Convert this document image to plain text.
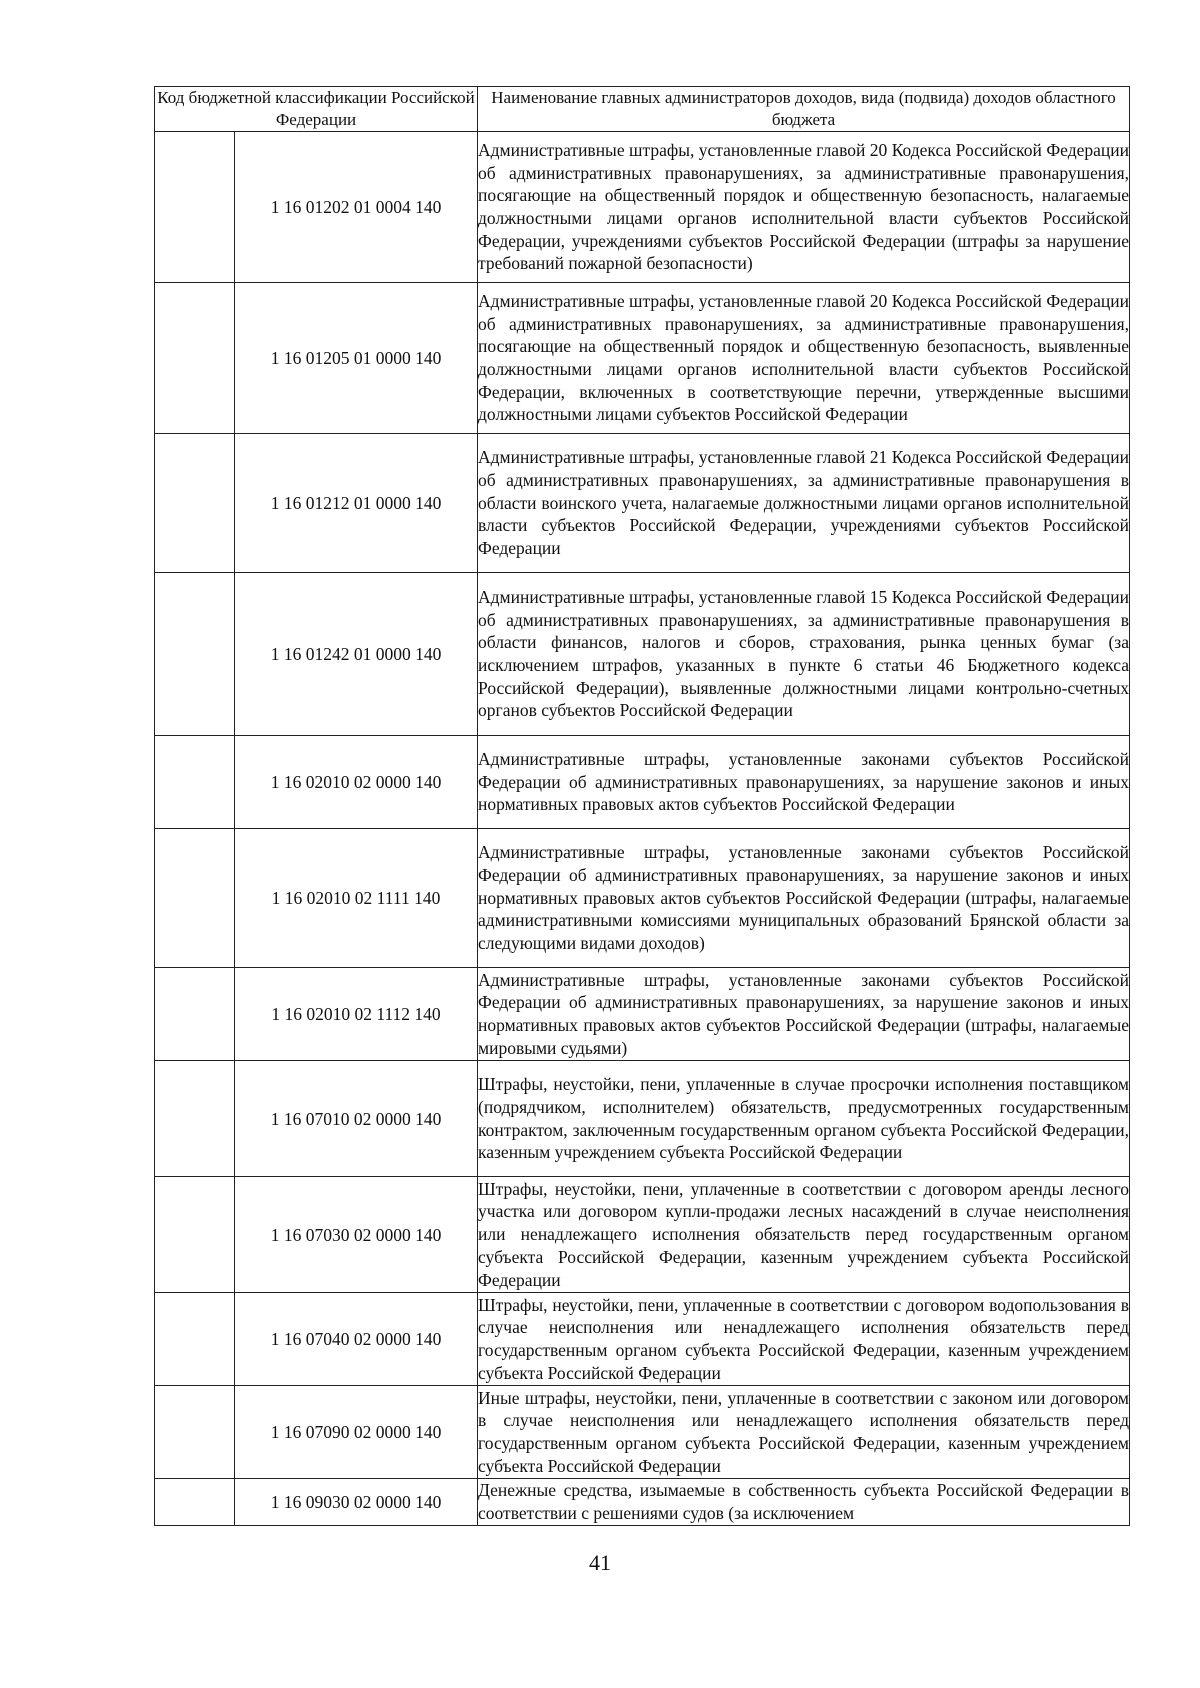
Код бюджетной классификации Российской Федерации		Наименование главных администраторов доходов, вида (подвида) доходов областного бюджета
	1 16 01202 01 0004 140	Административные штрафы, установленные главой 20 Кодекса Российской Федерации об административных правонарушениях, за административные правонарушения, посягающие на общественный порядок и общественную безопасность, налагаемые должностными лицами органов исполнительной власти субъектов Российской Федерации, учреждениями субъектов Российской Федерации (штрафы за нарушение требований пожарной безопасности)
	1 16 01205 01 0000 140	Административные штрафы, установленные главой 20 Кодекса Российской Федерации об административных правонарушениях, за административные правонарушения, посягающие на общественный порядок и общественную безопасность, выявленные должностными лицами органов исполнительной власти субъектов Российской Федерации, включенных в соответствующие перечни, утвержденные высшими должностными лицами субъектов Российской Федерации
	1 16 01212 01 0000 140	Административные штрафы, установленные главой 21 Кодекса Российской Федерации об административных правонарушениях, за административные правонарушения в области воинского учета, налагаемые должностными лицами органов исполнительной власти субъектов Российской Федерации, учреждениями субъектов Российской Федерации
	1 16 01242 01 0000 140	Административные штрафы, установленные главой 15 Кодекса Российской Федерации об административных правонарушениях, за административные правонарушения в области финансов, налогов и сборов, страхования, рынка ценных бумаг (за исключением штрафов, указанных в пункте 6 статьи 46 Бюджетного кодекса Российской Федерации), выявленные должностными лицами контрольно-счетных органов субъектов Российской Федерации
	1 16 02010 02 0000 140	Административные штрафы, установленные законами субъектов Российской Федерации об административных правонарушениях, за нарушение законов и иных нормативных правовых актов субъектов Российской Федерации
	1 16 02010 02 1111 140	Административные штрафы, установленные законами субъектов Российской Федерации об административных правонарушениях, за нарушение законов и иных нормативных правовых актов субъектов Российской Федерации (штрафы, налагаемые административными комиссиями муниципальных образований Брянской области за следующими видами доходов)
	1 16 02010 02 1112 140	Административные штрафы, установленные законами субъектов Российской Федерации об административных правонарушениях, за нарушение законов и иных нормативных правовых актов субъектов Российской Федерации (штрафы, налагаемые мировыми судьями)
	1 16 07010 02 0000 140	Штрафы, неустойки, пени, уплаченные в случае просрочки исполнения поставщиком (подрядчиком, исполнителем) обязательств, предусмотренных государственным контрактом, заключенным государственным органом субъекта Российской Федерации, казенным учреждением субъекта Российской Федерации
	1 16 07030 02 0000 140	Штрафы, неустойки, пени, уплаченные в соответствии с договором аренды лесного участка или договором купли-продажи лесных насаждений в случае неисполнения или ненадлежащего исполнения обязательств перед государственным органом субъекта Российской Федерации, казенным учреждением субъекта Российской Федерации
	1 16 07040 02 0000 140	Штрафы, неустойки, пени, уплаченные в соответствии с договором водопользования в случае неисполнения или ненадлежащего исполнения обязательств перед государственным органом субъекта Российской Федерации, казенным учреждением субъекта Российской Федерации
	1 16 07090 02 0000 140	Иные штрафы, неустойки, пени, уплаченные в соответствии с законом или договором в случае неисполнения или ненадлежащего исполнения обязательств перед государственным органом субъекта Российской Федерации, казенным учреждением субъекта Российской Федерации
	1 16 09030 02 0000 140	Денежные средства, изымаемые в собственность субъекта Российской Федерации в соответствии с решениями судов (за исключением
41
